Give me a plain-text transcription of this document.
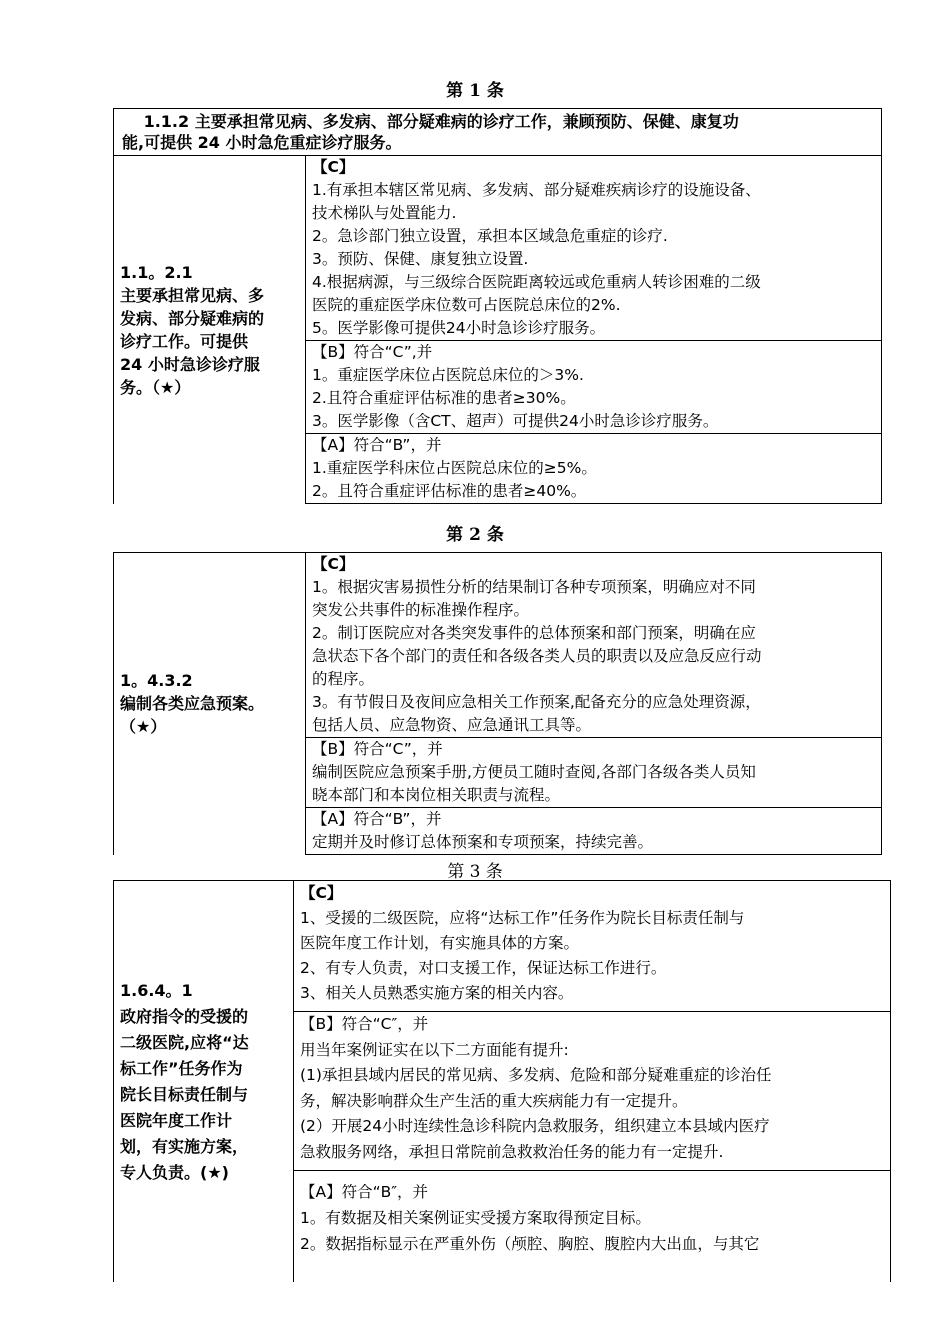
第 1 条
　 1.1.2 主要承担常见病、多发病、部分疑难病的诊疗工作，兼顾预防、保健、康复功
能,可提供 24 小时急危重症诊疗服务。

1.1。2.1
主要承担常见病、多
发病、部分疑难病的
诊疗工作。可提供
24 小时急诊诊疗服
务。（★）

【C】
1.有承担本辖区常见病、多发病、部分疑难疾病诊疗的设施设备、
技术梯队与处置能力.
2。急诊部门独立设置，承担本区域急危重症的诊疗.
3。预防、保健、康复独立设置.
4.根据病源，与三级综合医院距离较远或危重病人转诊困难的二级
医院的重症医学床位数可占医院总床位的2%.
5。医学影像可提供24小时急诊诊疗服务。

【B】符合“C”,并
1。重症医学床位占医院总床位的＞3%.
2.且符合重症评估标准的患者≥30%。
3。医学影像（含CT、超声）可提供24小时急诊诊疗服务。

【A】符合“B”，并
1.重症医学科床位占医院总床位的≥5%。
2。且符合重症评估标准的患者≥40%。
第 2 条
1。4.3.2
编制各类应急预案。
（★）

【C】
1。根据灾害易损性分析的结果制订各种专项预案，明确应对不同
突发公共事件的标准操作程序。
2。制订医院应对各类突发事件的总体预案和部门预案，明确在应
急状态下各个部门的责任和各级各类人员的职责以及应急反应行动
的程序。
3。有节假日及夜间应急相关工作预案,配备充分的应急处理资源，
包括人员、应急物资、应急通讯工具等。

【B】符合“C”，并
编制医院应急预案手册,方便员工随时查阅,各部门各级各类人员知
晓本部门和本岗位相关职责与流程。

【A】符合“B”，并
定期并及时修订总体预案和专项预案，持续完善。
第 3 条
1.6.4。1
政府指令的受援的
二级医院,应将“达
标工作”任务作为
院长目标责任制与
医院年度工作计
划，有实施方案，
专人负责。(★)

【C】
1、受援的二级医院，应将“达标工作”任务作为院长目标责任制与
医院年度工作计划，有实施具体的方案。
2、有专人负责，对口支援工作，保证达标工作进行。
3、相关人员熟悉实施方案的相关内容。

【B】符合“C″，并
用当年案例证实在以下二方面能有提升:
(1)承担县域内居民的常见病、多发病、危险和部分疑难重症的诊治任
务，解决影响群众生产生活的重大疾病能力有一定提升。
(2）开展24小时连续性急诊科院内急救服务，组织建立本县域内医疗
急救服务网络，承担日常院前急救救治任务的能力有一定提升.

【A】符合“B″，并
1。有数据及相关案例证实受援方案取得预定目标。
2。数据指标显示在严重外伤（颅腔、胸腔、腹腔内大出血，与其它
